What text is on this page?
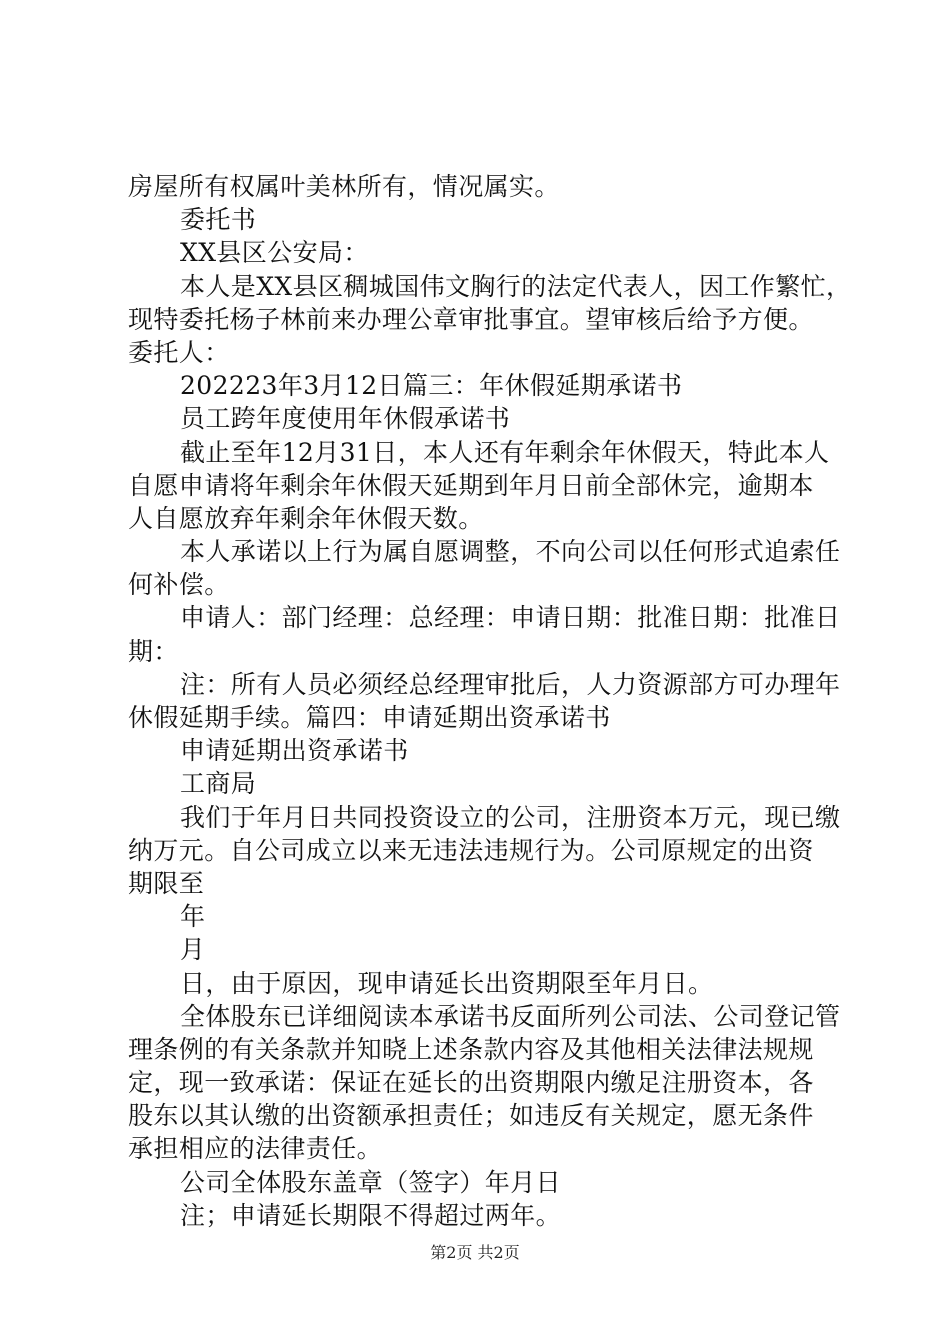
房屋所有权属叶美林所有，情况属实。
委托书
XX县区公安局：
本人是XX县区稠城国伟文胸行的法定代表人，因工作繁忙，
现特委托杨子林前来办理公章审批事宜。望审核后给予方便。
委托人：
202223年3月12日篇三：年休假延期承诺书
员工跨年度使用年休假承诺书
截止至年12月31日，本人还有年剩余年休假天，特此本人
自愿申请将年剩余年休假天延期到年月日前全部休完，逾期本
人自愿放弃年剩余年休假天数。
本人承诺以上行为属自愿调整，不向公司以任何形式追索任
何补偿。
申请人：部门经理：总经理：申请日期：批准日期：批准日
期：
注：所有人员必须经总经理审批后，人力资源部方可办理年
休假延期手续。篇四：申请延期出资承诺书
申请延期出资承诺书
工商局
我们于年月日共同投资设立的公司，注册资本万元，现已缴
纳万元。自公司成立以来无违法违规行为。公司原规定的出资
期限至
年
月
日，由于原因，现申请延长出资期限至年月日。
全体股东已详细阅读本承诺书反面所列公司法、公司登记管
理条例的有关条款并知晓上述条款内容及其他相关法律法规规
定，现一致承诺：保证在延长的出资期限内缴足注册资本，各
股东以其认缴的出资额承担责任；如违反有关规定，愿无条件
承担相应的法律责任。
公司全体股东盖章（签字）年月日
注；申请延长期限不得超过两年。
第2页 共2页
